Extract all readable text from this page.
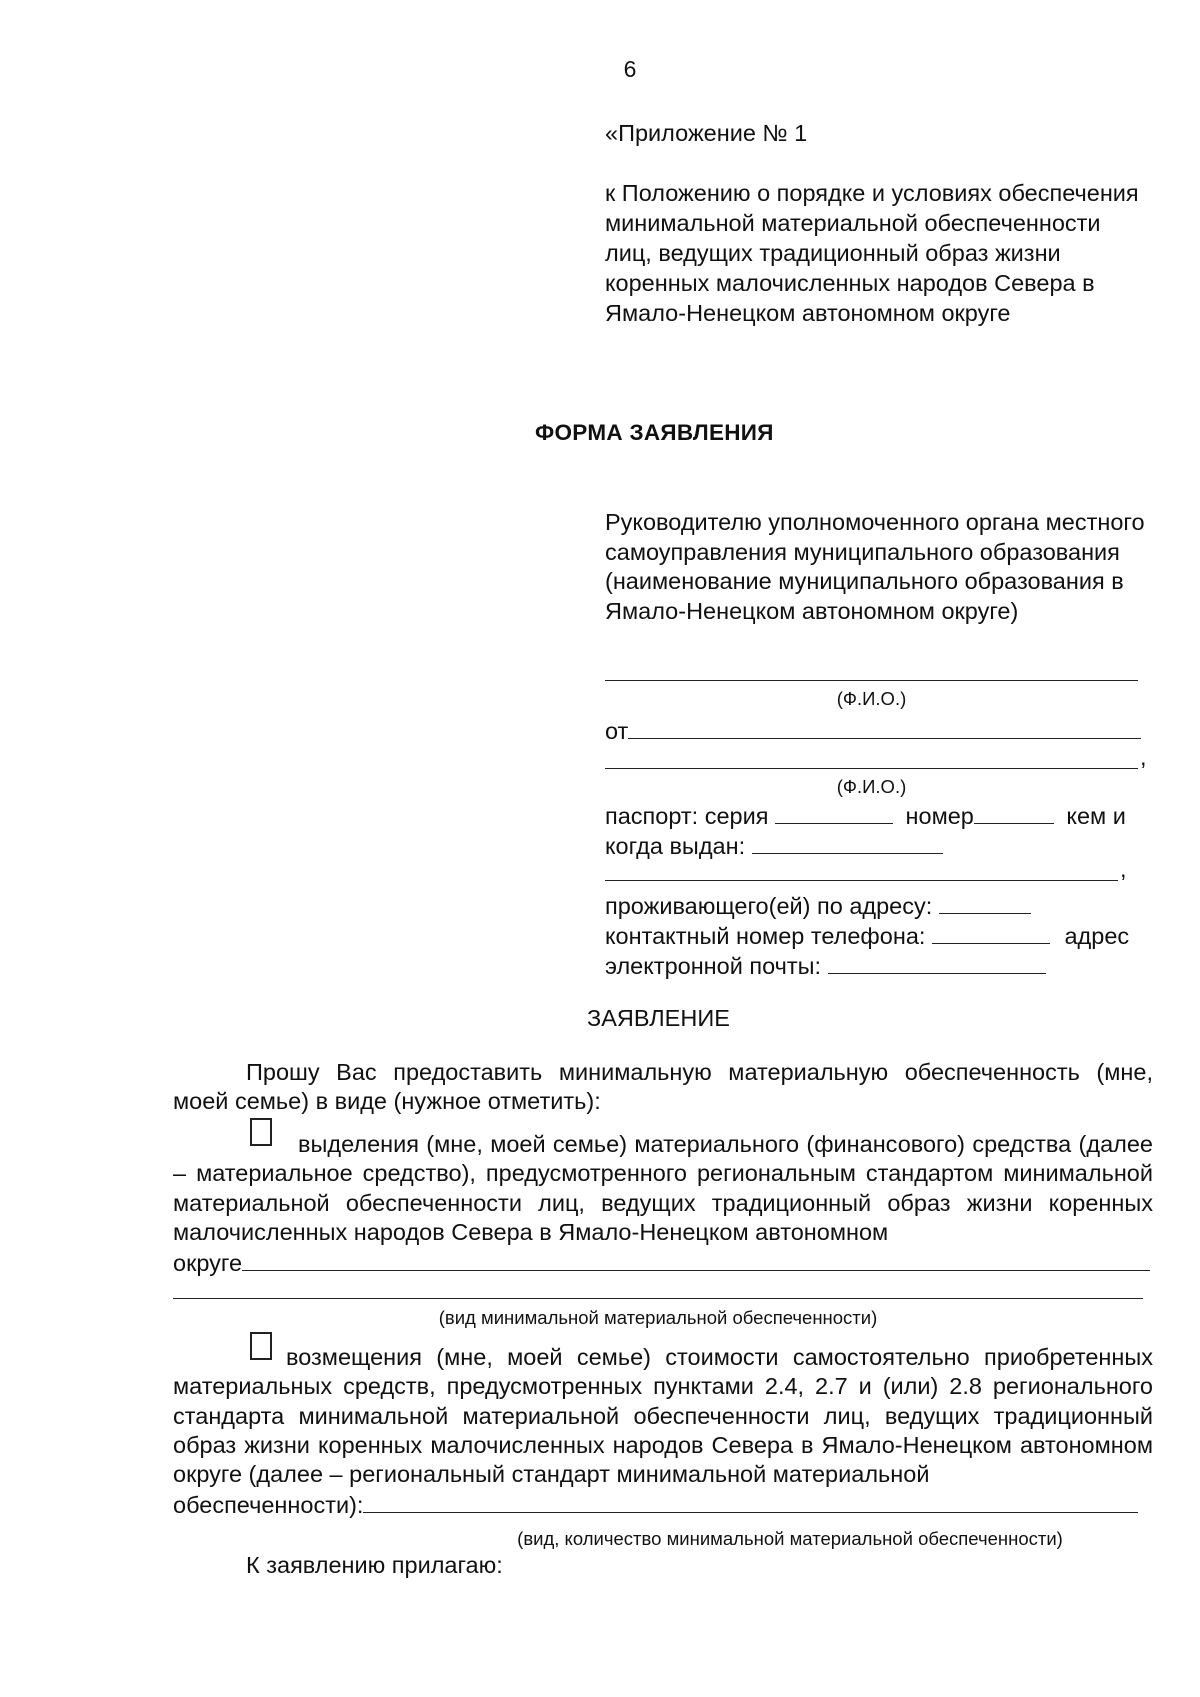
6
«Приложение № 1
к Положению о порядке и условиях обеспечения минимальной материальной обеспеченности лиц, ведущих традиционный образ жизни коренных малочисленных народов Севера в Ямало-Ненецком автономном округе
ФОРМА ЗАЯВЛЕНИЯ
Руководителю уполномоченного органа местного самоуправления муниципального образования (наименование муниципального образования в Ямало-Ненецком автономном округе)
(Ф.И.О.)
от
,
(Ф.И.О.)
паспорт: серия	номер	кем и
когда выдан:
,
проживающего(ей) по адресу:
контактный номер телефона:	адрес
электронной почты:
ЗАЯВЛЕНИЕ
Прошу Вас предоставить минимальную материальную обеспеченность (мне, моей семье) в виде (нужное отметить):
выделения (мне, моей семье) материального (финансового) средства (далее – материальное средство), предусмотренного региональным стандартом минимальной материальной обеспеченности лиц, ведущих традиционный образ жизни коренных малочисленных народов Севера в Ямало-Ненецком автономном
округе
(вид минимальной материальной обеспеченности)
возмещения (мне, моей семье) стоимости самостоятельно приобретенных материальных средств, предусмотренных пунктами 2.4, 2.7 и (или) 2.8 регионального стандарта минимальной материальной обеспеченности лиц, ведущих традиционный образ жизни коренных малочисленных народов Севера в Ямало-Ненецком автономном округе (далее – региональный стандарт минимальной материальной
обеспеченности):
(вид, количество минимальной материальной обеспеченности)
К заявлению прилагаю:
